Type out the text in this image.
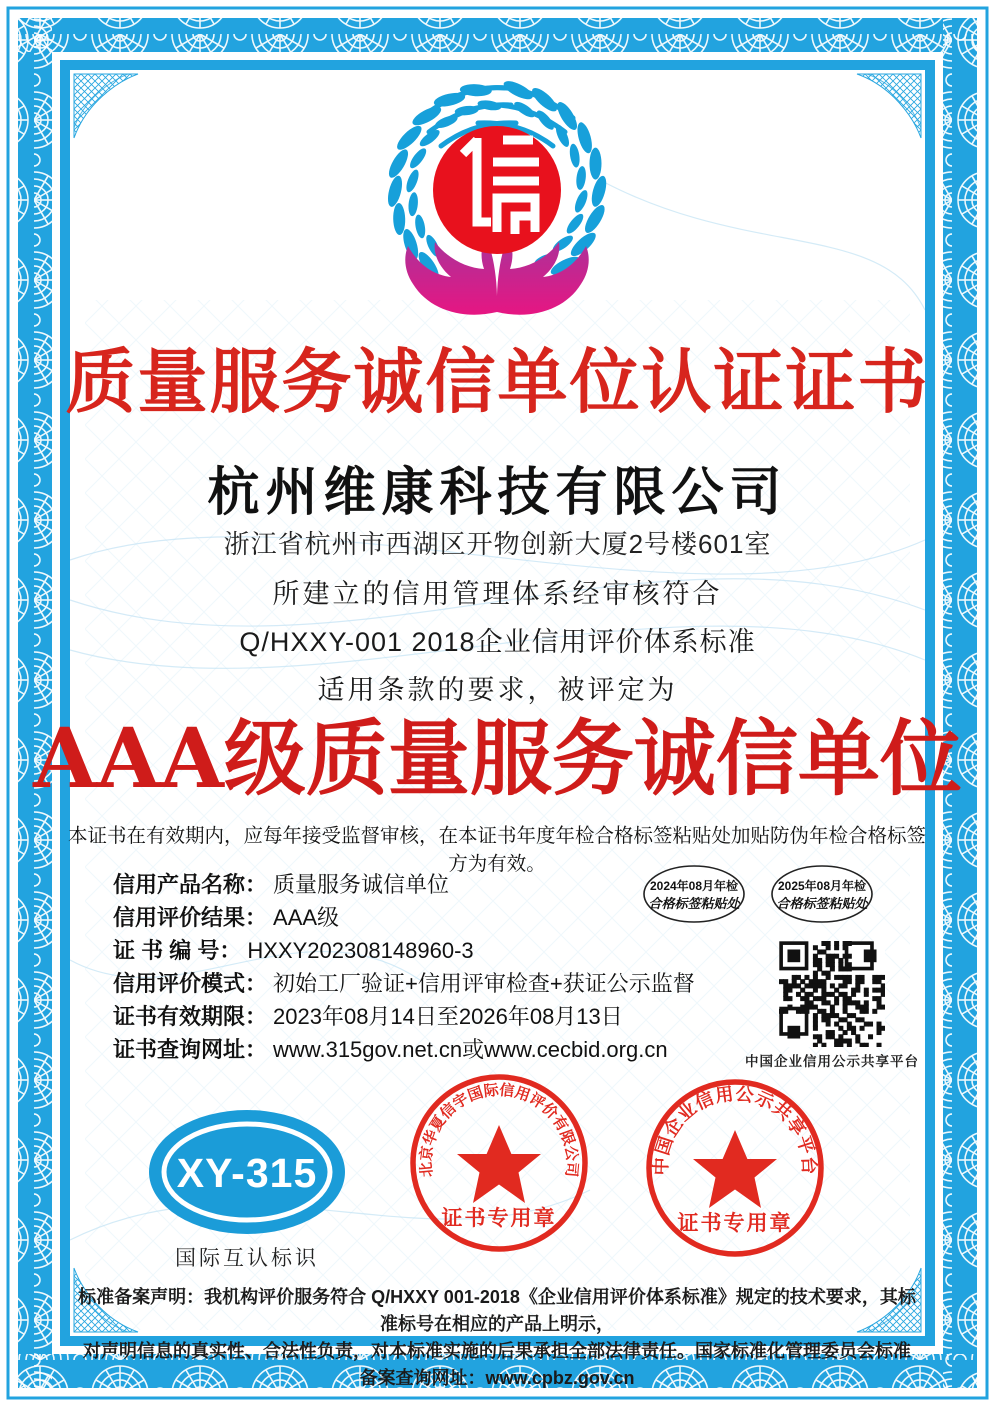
质量服务诚信单位认证证书
杭州维康科技有限公司
浙江省杭州市西湖区开物创新大厦2号楼601室
所建立的信用管理体系经审核符合
Q/HXXY-001 2018企业信用评价体系标准
适用条款的要求，被评定为
AAA级质量服务诚信单位
本证书在有效期内，应每年接受监督审核，在本证书年度年检合格标签粘贴处加贴防伪年检合格标签方为有效。
信用产品名称： 质量服务诚信单位
信用评价结果： AAA级
证 书 编 号： HXXY202308148960-3
信用评价模式： 初始工厂验证+信用评审检查+获证公示监督
证书有效期限： 2023年08月14日至2026年08月13日
证书查询网址： www.315gov.net.cn或www.cecbid.org.cn
2024年08月年检
合格标签粘贴处
2025年08月年检
合格标签粘贴处
中国企业信用公示共享平台
XY-315
国际互认标识
北京华夏信宇国际信用评价有限公司
证书专用章
中国企业信用公示共享平台
证书专用章
标准备案声明：我机构评价服务符合 Q/HXXY 001-2018《企业信用评价体系标准》规定的技术要求，其标准标号在相应的产品上明示，
对声明信息的真实性、合法性负责，对本标准实施的后果承担全部法律责任。国家标准化管理委员会标准备案查询网址：www.cpbz.gov.cn
